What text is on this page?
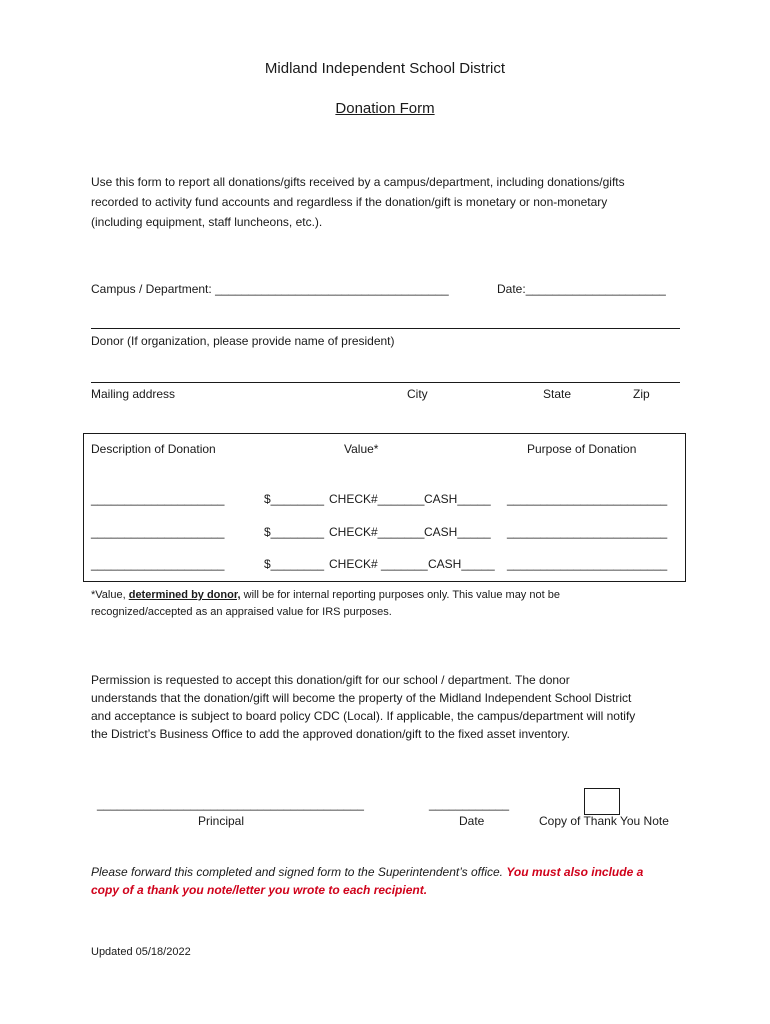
Midland Independent School District
Donation Form
Use this form to report all donations/gifts received by a campus/department, including donations/gifts
recorded to activity fund accounts and regardless if the donation/gift is monetary or non-monetary
(including equipment, staff luncheons, etc.).
Campus / Department: ___________________________________	Date:_____________________
Donor (If organization, please provide name of president)
Mailing address	City	State	Zip
Description of Donation	Value*	Purpose of Donation
____________________	$________ CHECK#_______ CASH_____ ________________________
____________________	$________ CHECK#_______ CASH_____ ________________________
____________________	$________ CHECK# _______ CASH_____ ________________________
*Value, determined by donor, will be for internal reporting purposes only. This value may not be
recognized/accepted as an appraised value for IRS purposes.
Permission is requested to accept this donation/gift for our school / department. The donor
understands that the donation/gift will become the property of the Midland Independent School District
and acceptance is subject to board policy CDC (Local). If applicable, the campus/department will notify
the District’s Business Office to add the approved donation/gift to the fixed asset inventory.
________________________________________
Principal
____________
Date	Copy of Thank You Note
Please forward this completed and signed form to the Superintendent’s office. You must also include a
copy of a thank you note/letter you wrote to each recipient.
Updated 05/18/2022
